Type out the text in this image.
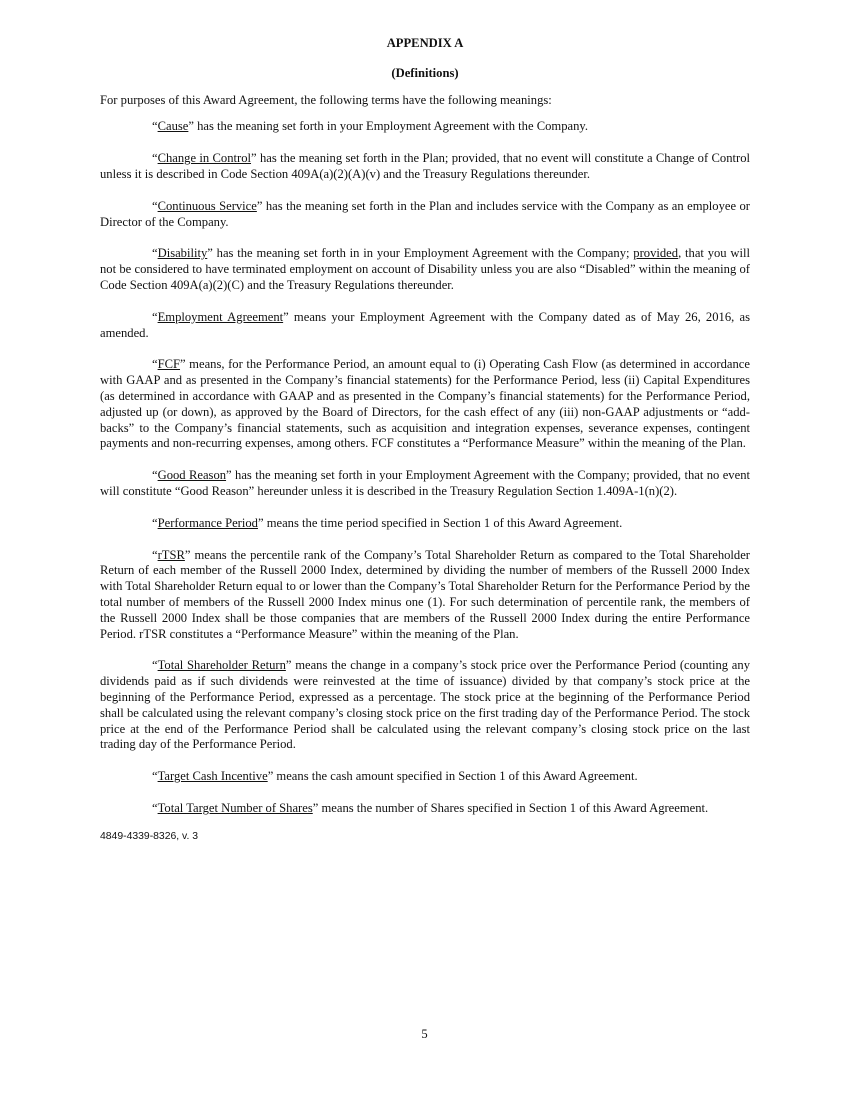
APPENDIX A

(Definitions)

For purposes of this Award Agreement, the following terms have the following meanings:

“Cause” has the meaning set forth in your Employment Agreement with the Company.

“Change in Control” has the meaning set forth in the Plan; provided, that no event will constitute a Change of Control unless it is described in Code Section 409A(a)(2)(A)(v) and the Treasury Regulations thereunder.

“Continuous Service” has the meaning set forth in the Plan and includes service with the Company as an employee or Director of the Company.

“Disability” has the meaning set forth in in your Employment Agreement with the Company; provided, that you will not be considered to have terminated employment on account of Disability unless you are also “Disabled” within the meaning of Code Section 409A(a)(2)(C) and the Treasury Regulations thereunder.

“Employment Agreement” means your Employment Agreement with the Company dated as of May 26, 2016, as amended.

“FCF” means, for the Performance Period, an amount equal to (i) Operating Cash Flow (as determined in accordance with GAAP and as presented in the Company’s financial statements) for the Performance Period, less (ii) Capital Expenditures (as determined in accordance with GAAP and as presented in the Company’s financial statements) for the Performance Period, adjusted up (or down), as approved by the Board of Directors, for the cash effect of any (iii) non-GAAP adjustments or “add-backs” to the Company’s financial statements, such as acquisition and integration expenses, severance expenses, contingent payments and non-recurring expenses, among others. FCF constitutes a “Performance Measure” within the meaning of the Plan.

“Good Reason” has the meaning set forth in your Employment Agreement with the Company; provided, that no event will constitute “Good Reason” hereunder unless it is described in the Treasury Regulation Section 1.409A-1(n)(2).

“Performance Period” means the time period specified in Section 1 of this Award Agreement.

“rTSR” means the percentile rank of the Company’s Total Shareholder Return as compared to the Total Shareholder Return of each member of the Russell 2000 Index, determined by dividing the number of members of the Russell 2000 Index with Total Shareholder Return equal to or lower than the Company’s Total Shareholder Return for the Performance Period by the total number of members of the Russell 2000 Index minus one (1). For such determination of percentile rank, the members of the Russell 2000 Index shall be those companies that are members of the Russell 2000 Index during the entire Performance Period. rTSR constitutes a “Performance Measure” within the meaning of the Plan.

“Total Shareholder Return” means the change in a company’s stock price over the Performance Period (counting any dividends paid as if such dividends were reinvested at the time of issuance) divided by that company’s stock price at the beginning of the Performance Period, expressed as a percentage. The stock price at the beginning of the Performance Period shall be calculated using the relevant company’s closing stock price on the first trading day of the Performance Period. The stock price at the end of the Performance Period shall be calculated using the relevant company’s closing stock price on the last trading day of the Performance Period.

“Target Cash Incentive” means the cash amount specified in Section 1 of this Award Agreement.

“Total Target Number of Shares” means the number of Shares specified in Section 1 of this Award Agreement.

4849-4339-8326, v. 3
5
